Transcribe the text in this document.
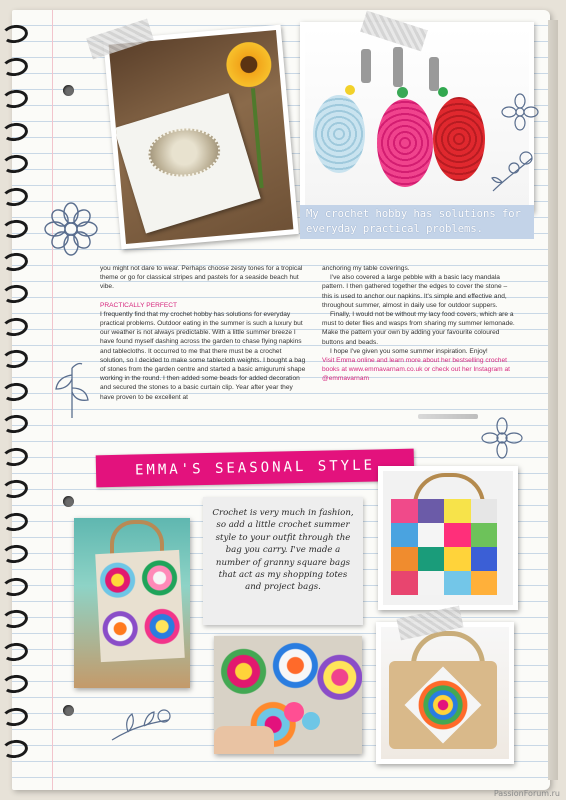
My crochet hobby has solutions for
everyday practical problems.

you might not dare to wear. Perhaps choose zesty tones for a tropical theme or go for classical stripes and pastels for a seaside beach hut vibe.

PRACTICALLY PERFECT

I frequently find that my crochet hobby has solutions for everyday practical problems. Outdoor eating in the summer is such a luxury but our weather is not always predictable. With a little summer breeze I have found myself dashing across the garden to chase flying napkins and tablecloths. It occurred to me that there must be a crochet solution, so I decided to make some tablecloth weights. I bought a bag of stones from the garden centre and started a basic amigurumi shape working in the round. I then added some beads for added decoration and secured the stones to a basic curtain clip. Year after year they have proven to be excellent at

anchoring my table coverings.

I've also covered a large pebble with a basic lacy mandala pattern. I then gathered together the edges to cover the stone – this is used to anchor our napkins. It's simple and effective and, throughout summer, almost in daily use for outdoor suppers.

Finally, I would not be without my lacy food covers, which are a must to deter flies and wasps from sharing my summer lemonade. Make the pattern your own by adding your favourite coloured buttons and beads.

I hope I've given you some summer inspiration. Enjoy!

Visit Emma online and learn more about her bestselling crochet books at www.emmavarnam.co.uk or check out her Instagram at @emmavarnam

EMMA'S SEASONAL STYLE
Crochet is very much in fashion, so add a little crochet summer style to your outfit through the bag you carry. I've made a number of granny square bags that act as my shopping totes and project bags.
PassionForum.ru
